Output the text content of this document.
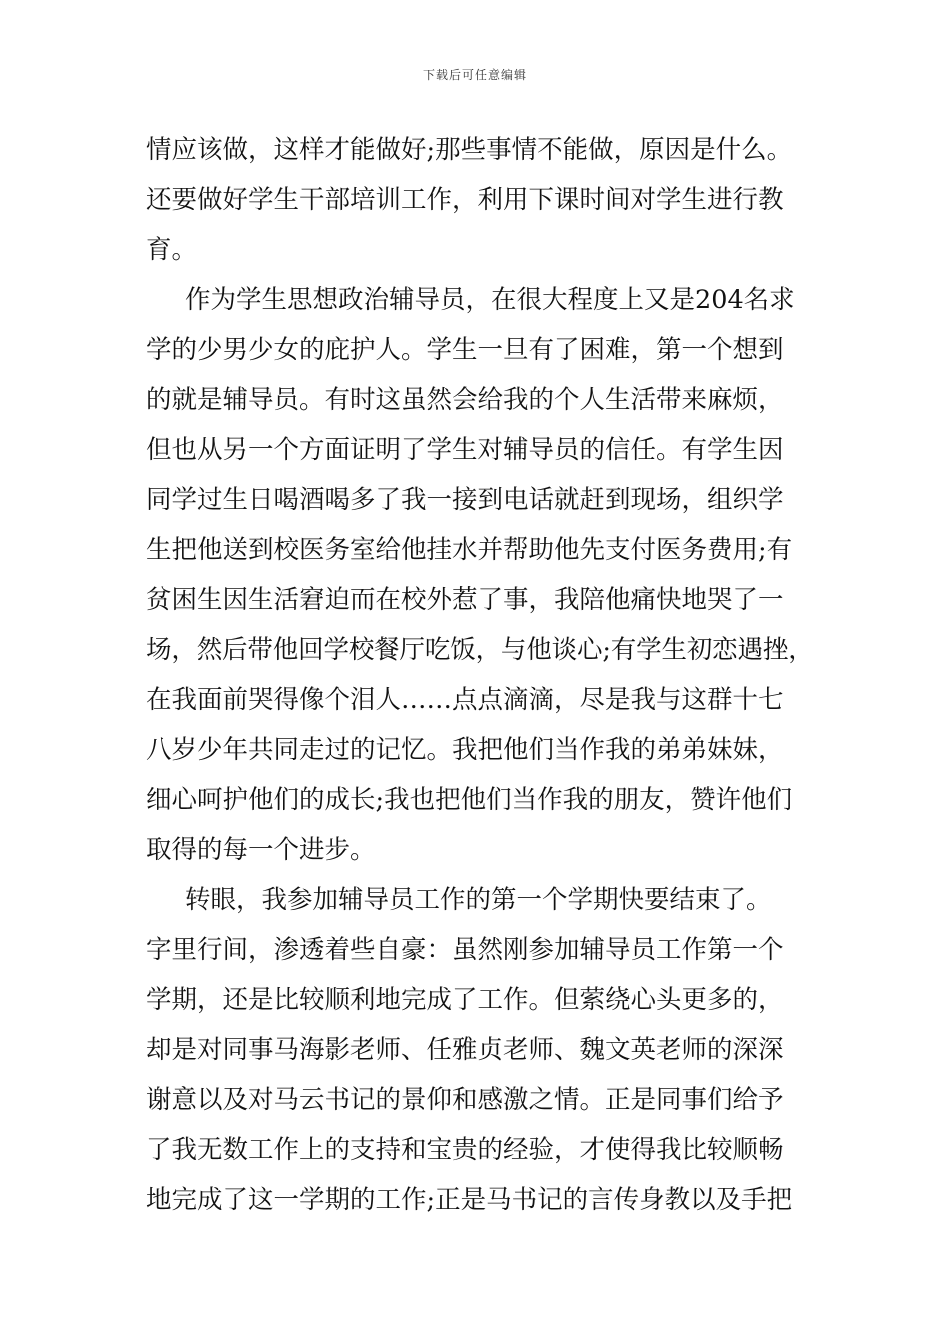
下载后可任意编辑
情应该做，这样才能做好;那些事情不能做，原因是什么。
还要做好学生干部培训工作，利用下课时间对学生进行教
育。
作为学生思想政治辅导员，在很大程度上又是204名求
学的少男少女的庇护人。学生一旦有了困难，第一个想到
的就是辅导员。有时这虽然会给我的个人生活带来麻烦，
但也从另一个方面证明了学生对辅导员的信任。有学生因
同学过生日喝酒喝多了我一接到电话就赶到现场，组织学
生把他送到校医务室给他挂水并帮助他先支付医务费用;有
贫困生因生活窘迫而在校外惹了事，我陪他痛快地哭了一
场，然后带他回学校餐厅吃饭，与他谈心;有学生初恋遇挫，
在我面前哭得像个泪人……点点滴滴，尽是我与这群十七
八岁少年共同走过的记忆。我把他们当作我的弟弟妹妹，
细心呵护他们的成长;我也把他们当作我的朋友，赞许他们
取得的每一个进步。
转眼，我参加辅导员工作的第一个学期快要结束了。
字里行间，渗透着些自豪：虽然刚参加辅导员工作第一个
学期，还是比较顺利地完成了工作。但萦绕心头更多的，
却是对同事马海影老师、任雅贞老师、魏文英老师的深深
谢意以及对马云书记的景仰和感激之情。正是同事们给予
了我无数工作上的支持和宝贵的经验，才使得我比较顺畅
地完成了这一学期的工作;正是马书记的言传身教以及手把
